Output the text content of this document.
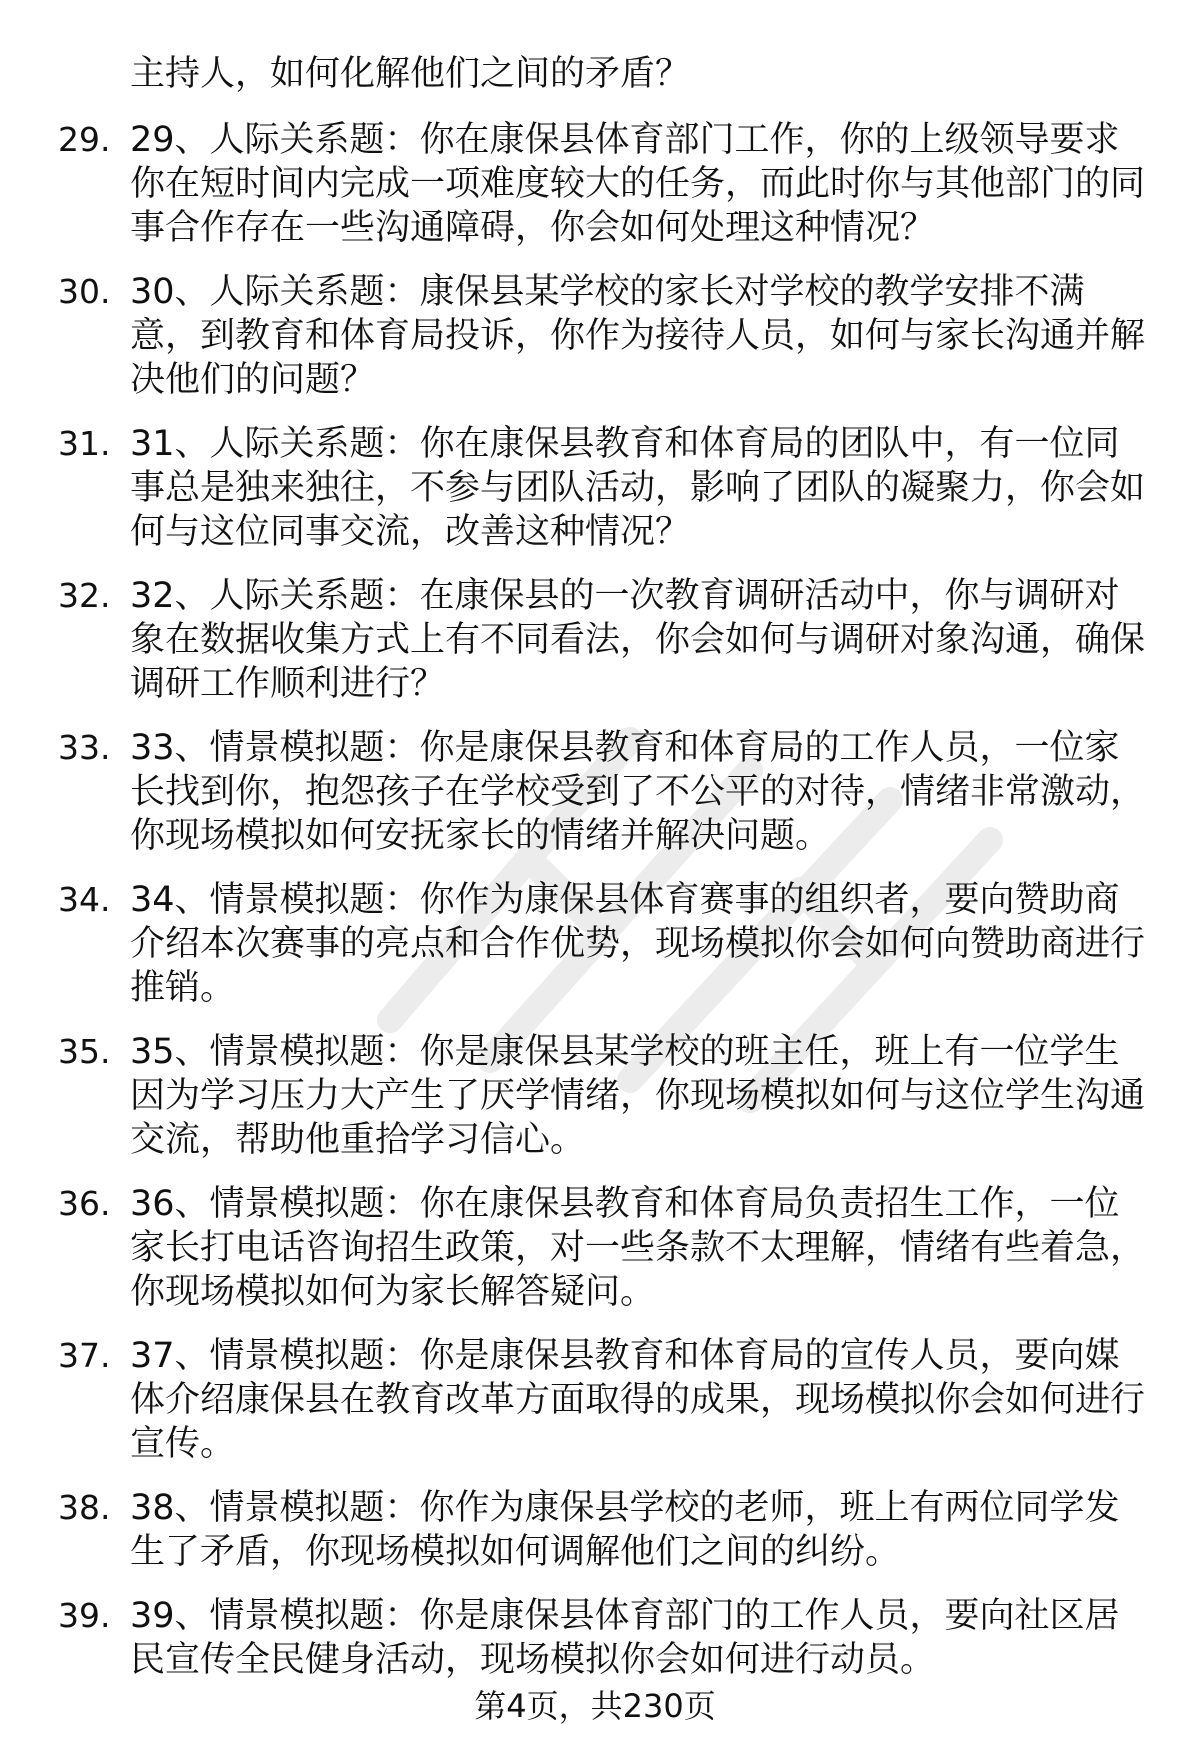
主持人，如何化解他们之间的矛盾？
29. 29、人际关系题：你在康保县体育部门工作，你的上级领导要求你在短时间内完成一项难度较大的任务，而此时你与其他部门的同事合作存在一些沟通障碍，你会如何处理这种情况？
30. 30、人际关系题：康保县某学校的家长对学校的教学安排不满意，到教育和体育局投诉，你作为接待人员，如何与家长沟通并解决他们的问题？
31. 31、人际关系题：你在康保县教育和体育局的团队中，有一位同事总是独来独往，不参与团队活动，影响了团队的凝聚力，你会如何与这位同事交流，改善这种情况？
32. 32、人际关系题：在康保县的一次教育调研活动中，你与调研对象在数据收集方式上有不同看法，你会如何与调研对象沟通，确保调研工作顺利进行？
33. 33、情景模拟题：你是康保县教育和体育局的工作人员，一位家长找到你，抱怨孩子在学校受到了不公平的对待，情绪非常激动，你现场模拟如何安抚家长的情绪并解决问题。
34. 34、情景模拟题：你作为康保县体育赛事的组织者，要向赞助商介绍本次赛事的亮点和合作优势，现场模拟你会如何向赞助商进行推销。
35. 35、情景模拟题：你是康保县某学校的班主任，班上有一位学生因为学习压力大产生了厌学情绪，你现场模拟如何与这位学生沟通交流，帮助他重拾学习信心。
36. 36、情景模拟题：你在康保县教育和体育局负责招生工作，一位家长打电话咨询招生政策，对一些条款不太理解，情绪有些着急，你现场模拟如何为家长解答疑问。
37. 37、情景模拟题：你是康保县教育和体育局的宣传人员，要向媒体介绍康保县在教育改革方面取得的成果，现场模拟你会如何进行宣传。
38. 38、情景模拟题：你作为康保县学校的老师，班上有两位同学发生了矛盾，你现场模拟如何调解他们之间的纠纷。
39. 39、情景模拟题：你是康保县体育部门的工作人员，要向社区居民宣传全民健身活动，现场模拟你会如何进行动员。
第4页，共230页
